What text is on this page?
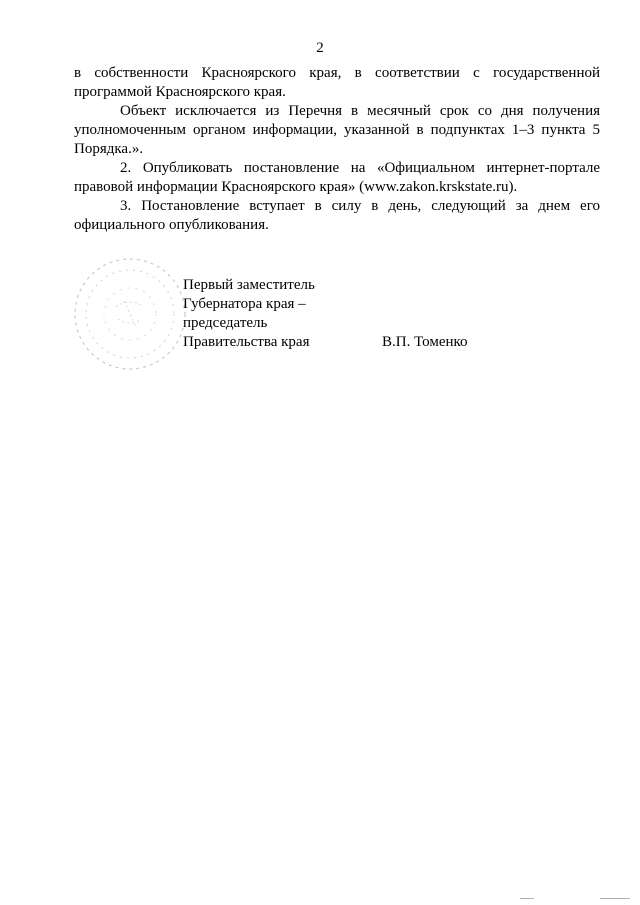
2

в собственности Красноярского края, в соответствии с государственной программой Красноярского края.

Объект исключается из Перечня в месячный срок со дня получения уполномоченным органом информации, указанной в подпунктах 1–3 пункта 5 Порядка.».

2. Опубликовать постановление на «Официальном интернет-портале правовой информации Красноярского края» (www.zakon.krskstate.ru).

3. Постановление вступает в силу в день, следующий за днем его официального опубликования.

Первый заместитель
Губернатора края –
председатель
Правительства края	В.П. Томенко
